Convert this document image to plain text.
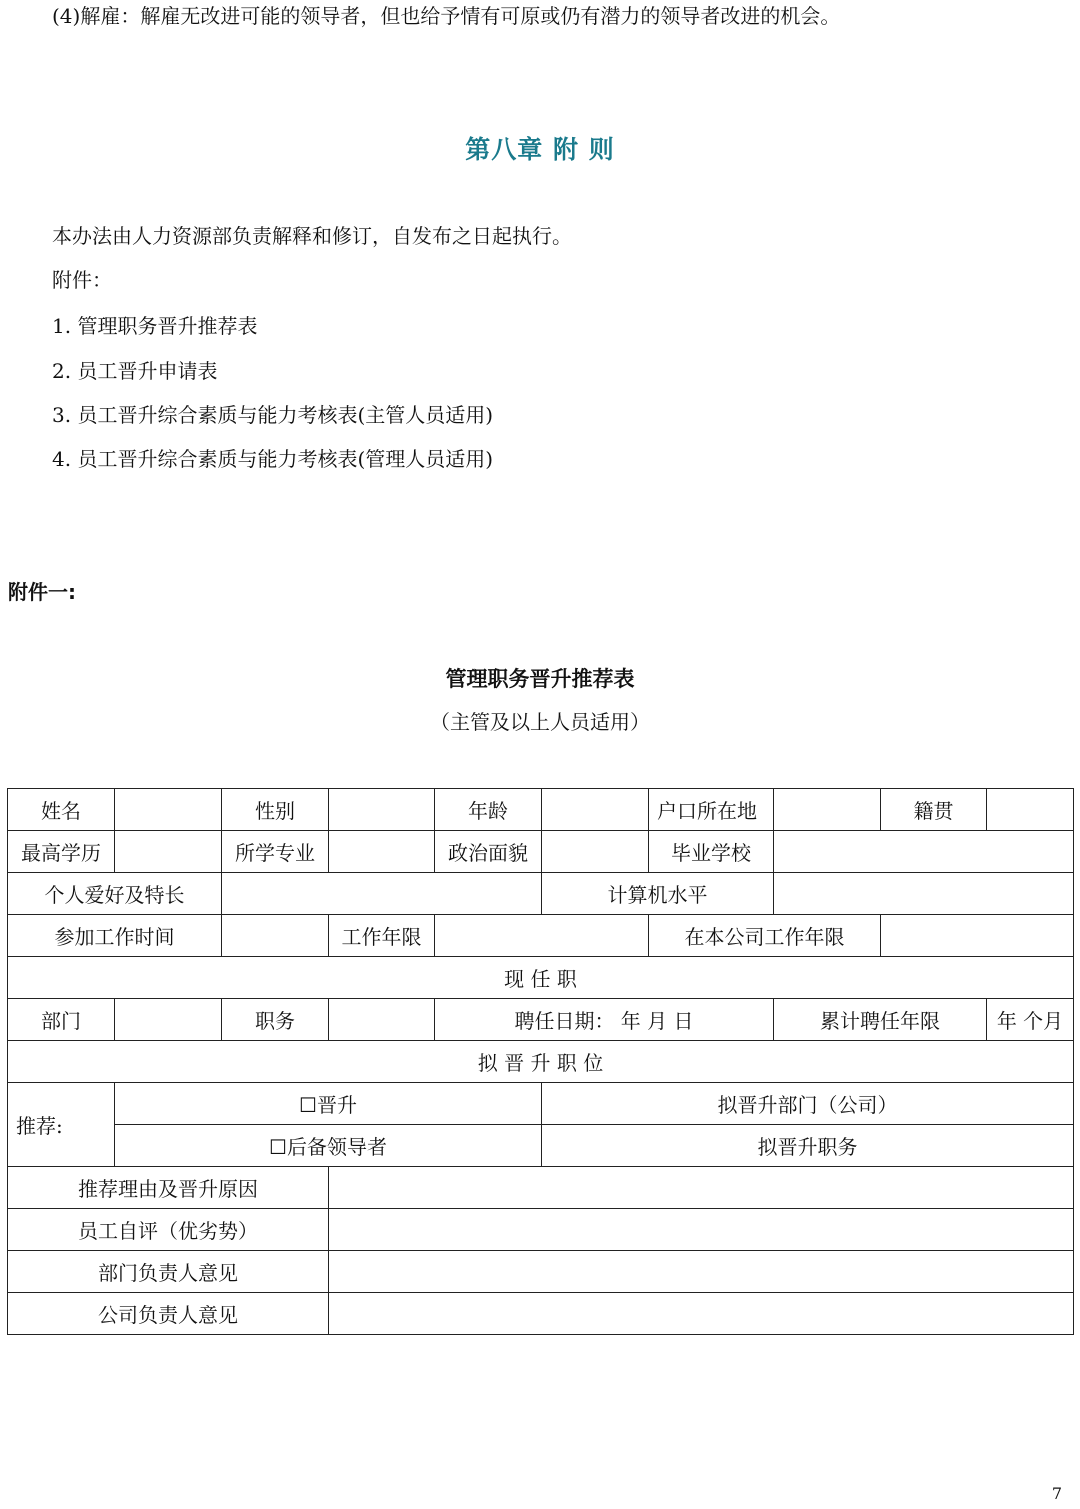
(4)解雇：解雇无改进可能的领导者，但也给予情有可原或仍有潜力的领导者改进的机会。
第八章 附 则
本办法由人力资源部负责解释和修订，自发布之日起执行。
附件：
1. 管理职务晋升推荐表
2. 员工晋升申请表
3. 员工晋升综合素质与能力考核表(主管人员适用)
4. 员工晋升综合素质与能力考核表(管理人员适用)
附件一:
管理职务晋升推荐表
（主管及以上人员适用）
姓名		性别		年龄		户口所在地		籍贯	
最高学历		所学专业		政治面貌		毕业学校			
个人爱好及特长					计算机水平				
参加工作时间			工作年限			在本公司工作年限			
现 任 职									
部门		职务		聘任日期： 年 月 日			累计聘任年限		年 个月
拟 晋 升 职 位									
推荐:	☐晋升				拟晋升部门（公司）				
	☐后备领导者				拟晋升职务				
推荐理由及晋升原因									
员工自评（优劣势）									
部门负责人意见									
公司负责人意见									
7
